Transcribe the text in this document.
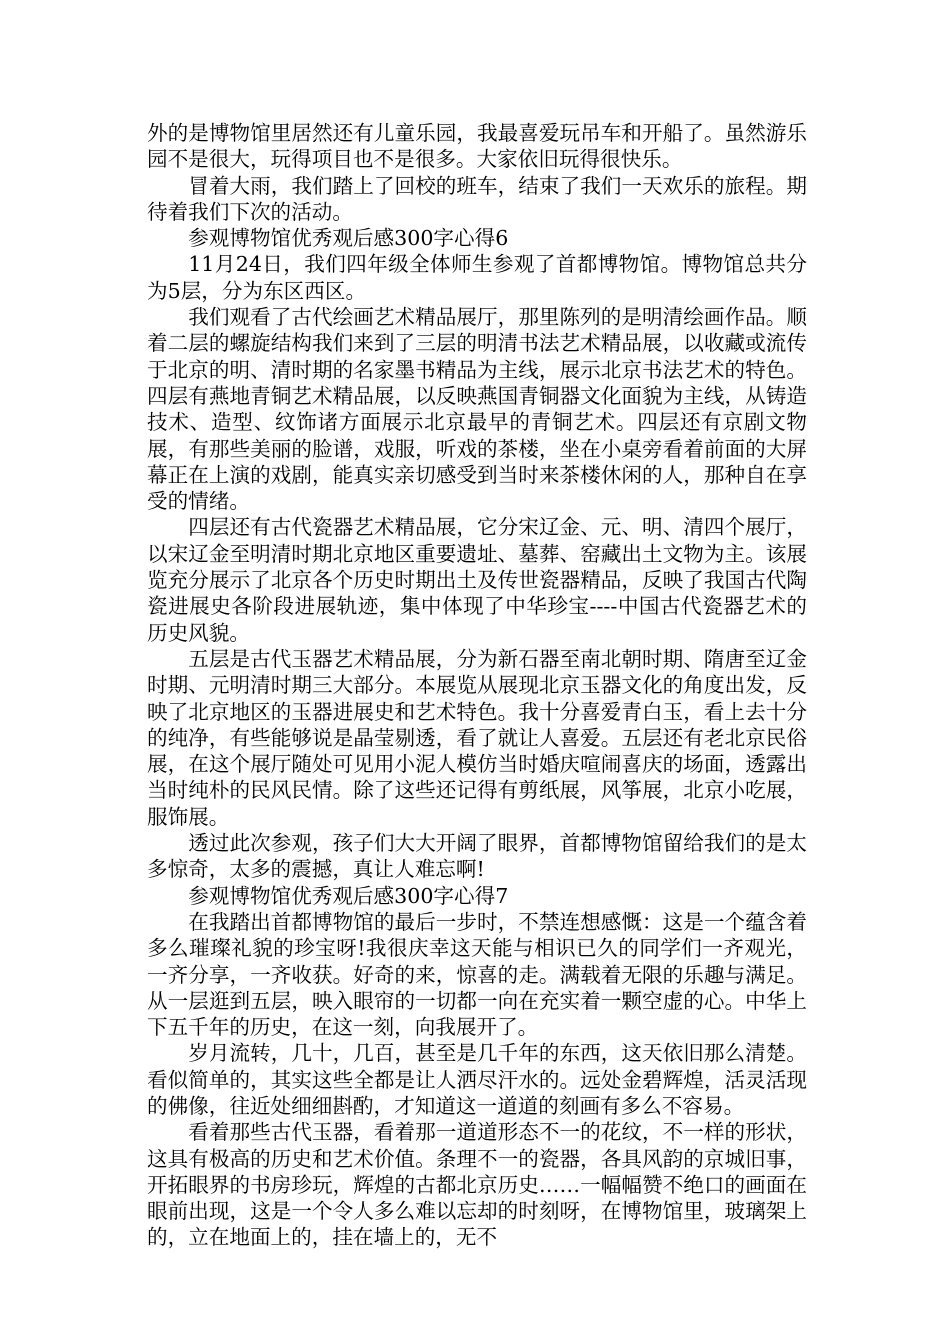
外的是博物馆里居然还有儿童乐园，我最喜爱玩吊车和开船了。虽然游乐园不是很大，玩得项目也不是很多。大家依旧玩得很快乐。

冒着大雨，我们踏上了回校的班车，结束了我们一天欢乐的旅程。期待着我们下次的活动。

参观博物馆优秀观后感300字心得6

11月24日，我们四年级全体师生参观了首都博物馆。博物馆总共分为5层，分为东区西区。

我们观看了古代绘画艺术精品展厅，那里陈列的是明清绘画作品。顺着二层的螺旋结构我们来到了三层的明清书法艺术精品展，以收藏或流传于北京的明、清时期的名家墨书精品为主线，展示北京书法艺术的特色。四层有燕地青铜艺术精品展，以反映燕国青铜器文化面貌为主线，从铸造技术、造型、纹饰诸方面展示北京最早的青铜艺术。四层还有京剧文物展，有那些美丽的脸谱，戏服，听戏的茶楼，坐在小桌旁看着前面的大屏幕正在上演的戏剧，能真实亲切感受到当时来茶楼休闲的人，那种自在享受的情绪。

四层还有古代瓷器艺术精品展，它分宋辽金、元、明、清四个展厅，以宋辽金至明清时期北京地区重要遗址、墓葬、窑藏出土文物为主。该展览充分展示了北京各个历史时期出土及传世瓷器精品，反映了我国古代陶瓷进展史各阶段进展轨迹，集中体现了中华珍宝----中国古代瓷器艺术的历史风貌。

五层是古代玉器艺术精品展，分为新石器至南北朝时期、隋唐至辽金时期、元明清时期三大部分。本展览从展现北京玉器文化的角度出发，反映了北京地区的玉器进展史和艺术特色。我十分喜爱青白玉，看上去十分的纯净，有些能够说是晶莹剔透，看了就让人喜爱。五层还有老北京民俗展，在这个展厅随处可见用小泥人模仿当时婚庆喧闹喜庆的场面，透露出当时纯朴的民风民情。除了这些还记得有剪纸展，风筝展，北京小吃展，服饰展。

透过此次参观，孩子们大大开阔了眼界，首都博物馆留给我们的是太多惊奇，太多的震撼，真让人难忘啊!

参观博物馆优秀观后感300字心得7

在我踏出首都博物馆的最后一步时，不禁连想感慨：这是一个蕴含着多么璀璨礼貌的珍宝呀!我很庆幸这天能与相识已久的同学们一齐观光，一齐分享，一齐收获。好奇的来，惊喜的走。满载着无限的乐趣与满足。从一层逛到五层，映入眼帘的一切都一向在充实着一颗空虚的心。中华上下五千年的历史，在这一刻，向我展开了。

岁月流转，几十，几百，甚至是几千年的东西，这天依旧那么清楚。看似简单的，其实这些全都是让人洒尽汗水的。远处金碧辉煌，活灵活现的佛像，往近处细细斟酌，才知道这一道道的刻画有多么不容易。

看着那些古代玉器，看着那一道道形态不一的花纹，不一样的形状，这具有极高的历史和艺术价值。条理不一的瓷器，各具风韵的京城旧事，开拓眼界的书房珍玩，辉煌的古都北京历史……一幅幅赞不绝口的画面在眼前出现，这是一个令人多么难以忘却的时刻呀，在博物馆里，玻璃架上的，立在地面上的，挂在墙上的，无不
